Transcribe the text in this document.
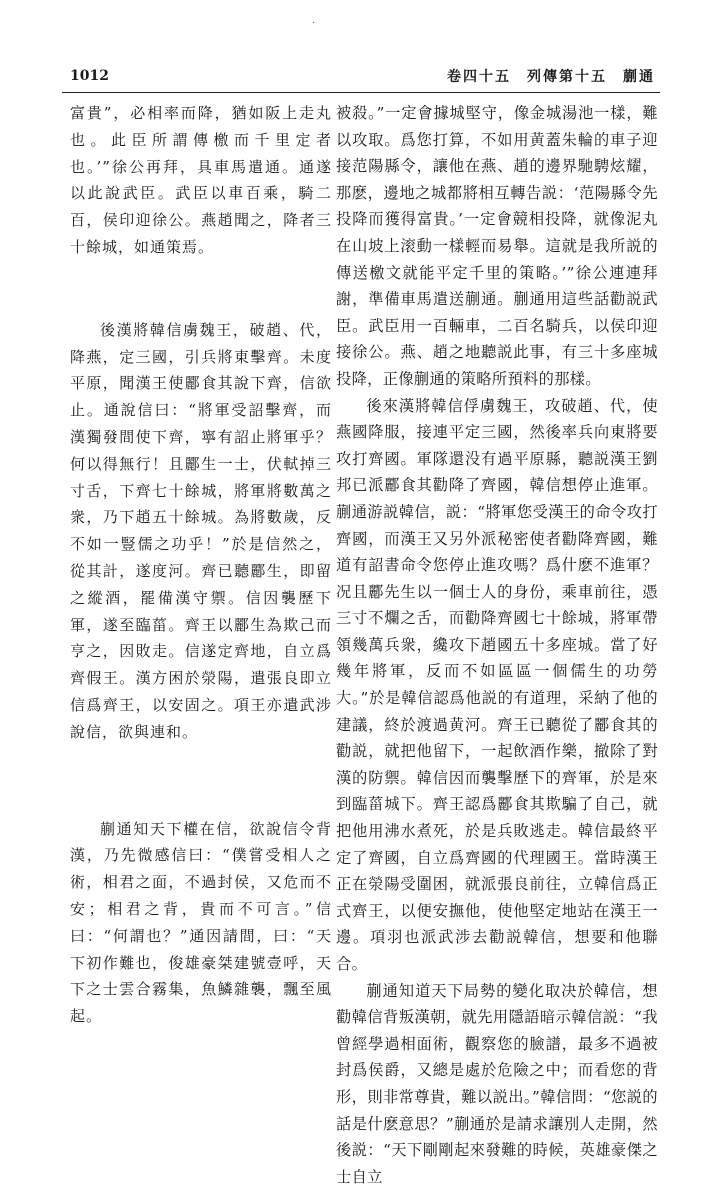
·
1012	卷四十五　列傳第十五　蒯通

富貴”，必相率而降，猶如阪上走丸也。此臣所謂傳檄而千里定者也。’”徐公再拜，具車馬遣通。通遂以此說武臣。武臣以車百乘，騎二百，侯印迎徐公。燕趙聞之，降者三十餘城，如通策焉。

後漢將韓信虜魏王，破趙、代，降燕，定三國，引兵將東擊齊。未度平原，聞漢王使酈食其說下齊，信欲止。通說信曰：“將軍受詔擊齊，而漢獨發間使下齊，寧有詔止將軍乎？何以得無行！且酈生一士，伏軾掉三寸舌，下齊七十餘城，將軍將數萬之衆，乃下趙五十餘城。為將數歲，反不如一豎儒之功乎！”於是信然之，從其計，遂度河。齊已聽酈生，即留之縱酒，罷備漢守禦。信因襲歷下軍，遂至臨菑。齊王以酈生為欺己而亨之，因敗走。信遂定齊地，自立爲齊假王。漢方困於滎陽，遣張良即立信爲齊王，以安固之。項王亦遣武涉說信，欲與連和。

蒯通知天下權在信，欲說信令背漢，乃先微感信曰：“僕嘗受相人之術，相君之面，不過封侯，又危而不安；相君之背，貴而不可言。”信曰：“何謂也？”通因請間，曰：“天下初作難也，俊雄豪桀建號壹呼，天下之士雲合霧集，魚鱗雜襲，飄至風起。

被殺。”一定會據城堅守，像金城湯池一樣，難以攻取。爲您打算，不如用黄蓋朱輪的車子迎接范陽縣令，讓他在燕、趙的邊界馳騁炫耀，那麽，邊地之城都將相互轉告説：‘范陽縣令先投降而獲得富貴。’一定會競相投降，就像泥丸在山坡上滚動一樣輕而易舉。這就是我所説的傳送檄文就能平定千里的策略。’”徐公連連拜謝，準備車馬遣送蒯通。蒯通用這些話勸説武臣。武臣用一百輛車，二百名騎兵，以侯印迎接徐公。燕、趙之地聽説此事，有三十多座城投降，正像蒯通的策略所預料的那樣。

後來漢將韓信俘虜魏王，攻破趙、代，使燕國降服，接連平定三國，然後率兵向東將要攻打齊國。軍隊還没有過平原縣，聽説漢王劉邦已派酈食其勸降了齊國，韓信想停止進軍。蒯通游説韓信，説：“將軍您受漢王的命令攻打齊國，而漢王又另外派秘密使者勸降齊國，難道有詔書命令您停止進攻嗎？爲什麽不進軍？况且酈先生以一個士人的身份，乘車前往，憑三寸不爛之舌，而勸降齊國七十餘城，將軍帶領幾萬兵衆，纔攻下趙國五十多座城。當了好幾年將軍，反而不如區區一個儒生的功勞大。”於是韓信認爲他説的有道理，采納了他的建議，終於渡過黄河。齊王已聽從了酈食其的勸説，就把他留下，一起飲酒作樂，撤除了對漢的防禦。韓信因而襲擊歷下的齊軍，於是來到臨菑城下。齊王認爲酈食其欺騙了自己，就把他用沸水煮死，於是兵敗逃走。韓信最終平定了齊國，自立爲齊國的代理國王。當時漢王正在滎陽受圍困，就派張良前往，立韓信爲正式齊王，以便安撫他，使他堅定地站在漢王一邊。項羽也派武涉去勸説韓信，想要和他聯合。

蒯通知道天下局勢的變化取决於韓信，想勸韓信背叛漢朝，就先用隱語暗示韓信説：“我曾經學過相面術，觀察您的臉譜，最多不過被封爲侯爵，又總是處於危險之中；而看您的背形，則非常尊貴，難以説出。”韓信問：“您説的話是什麽意思？”蒯通於是請求讓別人走開，然後説：“天下剛剛起來發難的時候，英雄豪傑之士自立
